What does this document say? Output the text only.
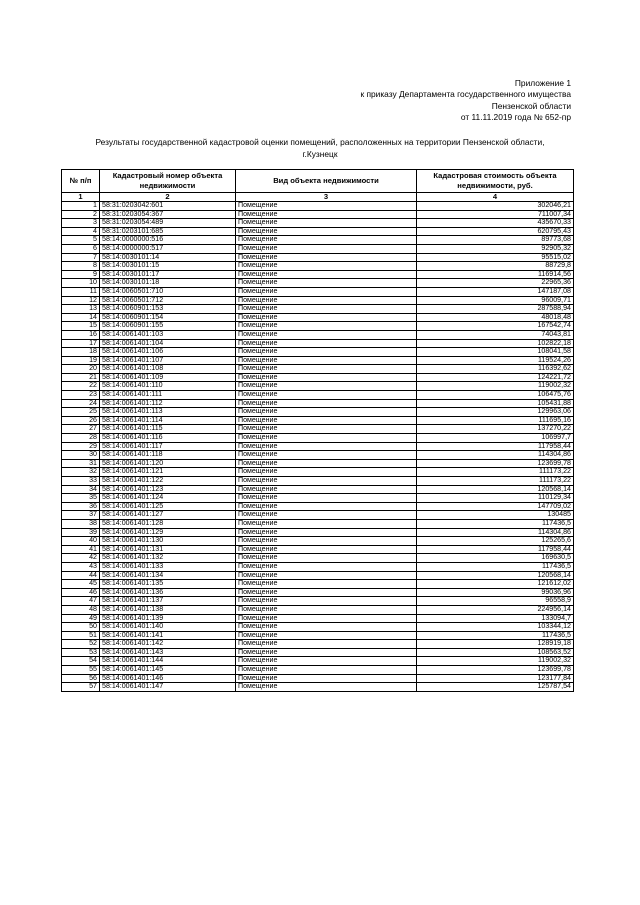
Приложение 1
к приказу Департамента государственного имущества
Пензенской области
от 11.11.2019 года № 652-пр
Результаты государственной кадастровой оценки помещений, расположенных на территории Пензенской области,
г.Кузнецк
№ п/п	Кадастровый номер объекта недвижимости	Вид объекта недвижимости	Кадастровая стоимость объекта недвижимости, руб.
1	2	3	4
1	58:31:0203042:601	Помещение	302046,21
2	58:31:0203054:367	Помещение	711007,34
3	58:31:0203054:489	Помещение	435670,33
4	58:31:0203101:685	Помещение	620795,43
5	58:14:0000000:516	Помещение	89773,68
6	58:14:0000000:517	Помещение	92905,32
7	58:14:0030101:14	Помещение	95515,02
8	58:14:0030101:15	Помещение	88729,8
9	58:14:0030101:17	Помещение	116914,56
10	58:14:0030101:18	Помещение	22965,36
11	58:14:0060501:710	Помещение	147187,08
12	58:14:0060501:712	Помещение	96009,71
13	58:14:0060901:153	Помещение	287588,94
14	58:14:0060901:154	Помещение	48018,48
15	58:14:0060901:155	Помещение	167542,74
16	58:14:0061401:103	Помещение	74043,81
17	58:14:0061401:104	Помещение	102822,18
18	58:14:0061401:106	Помещение	108041,58
19	58:14:0061401:107	Помещение	119524,26
20	58:14:0061401:108	Помещение	116392,62
21	58:14:0061401:109	Помещение	124221,72
22	58:14:0061401:110	Помещение	119002,32
23	58:14:0061401:111	Помещение	106475,76
24	58:14:0061401:112	Помещение	105431,88
25	58:14:0061401:113	Помещение	129963,06
26	58:14:0061401:114	Помещение	111695,16
27	58:14:0061401:115	Помещение	137270,22
28	58:14:0061401:116	Помещение	106997,7
29	58:14:0061401:117	Помещение	117958,44
30	58:14:0061401:118	Помещение	114304,86
31	58:14:0061401:120	Помещение	123699,78
32	58:14:0061401:121	Помещение	111173,22
33	58:14:0061401:122	Помещение	111173,22
34	58:14:0061401:123	Помещение	120568,14
35	58:14:0061401:124	Помещение	110129,34
36	58:14:0061401:125	Помещение	147709,02
37	58:14:0061401:127	Помещение	130485
38	58:14:0061401:128	Помещение	117436,5
39	58:14:0061401:129	Помещение	114304,86
40	58:14:0061401:130	Помещение	125265,6
41	58:14:0061401:131	Помещение	117958,44
42	58:14:0061401:132	Помещение	169630,5
43	58:14:0061401:133	Помещение	117436,5
44	58:14:0061401:134	Помещение	120568,14
45	58:14:0061401:135	Помещение	121612,02
46	58:14:0061401:136	Помещение	99036,96
47	58:14:0061401:137	Помещение	96558,9
48	58:14:0061401:138	Помещение	224956,14
49	58:14:0061401:139	Помещение	133094,7
50	58:14:0061401:140	Помещение	103344,12
51	58:14:0061401:141	Помещение	117436,5
52	58:14:0061401:142	Помещение	128919,18
53	58:14:0061401:143	Помещение	108563,52
54	58:14:0061401:144	Помещение	119002,32
55	58:14:0061401:145	Помещение	123699,78
56	58:14:0061401:146	Помещение	123177,84
57	58:14:0061401:147	Помещение	125787,54
